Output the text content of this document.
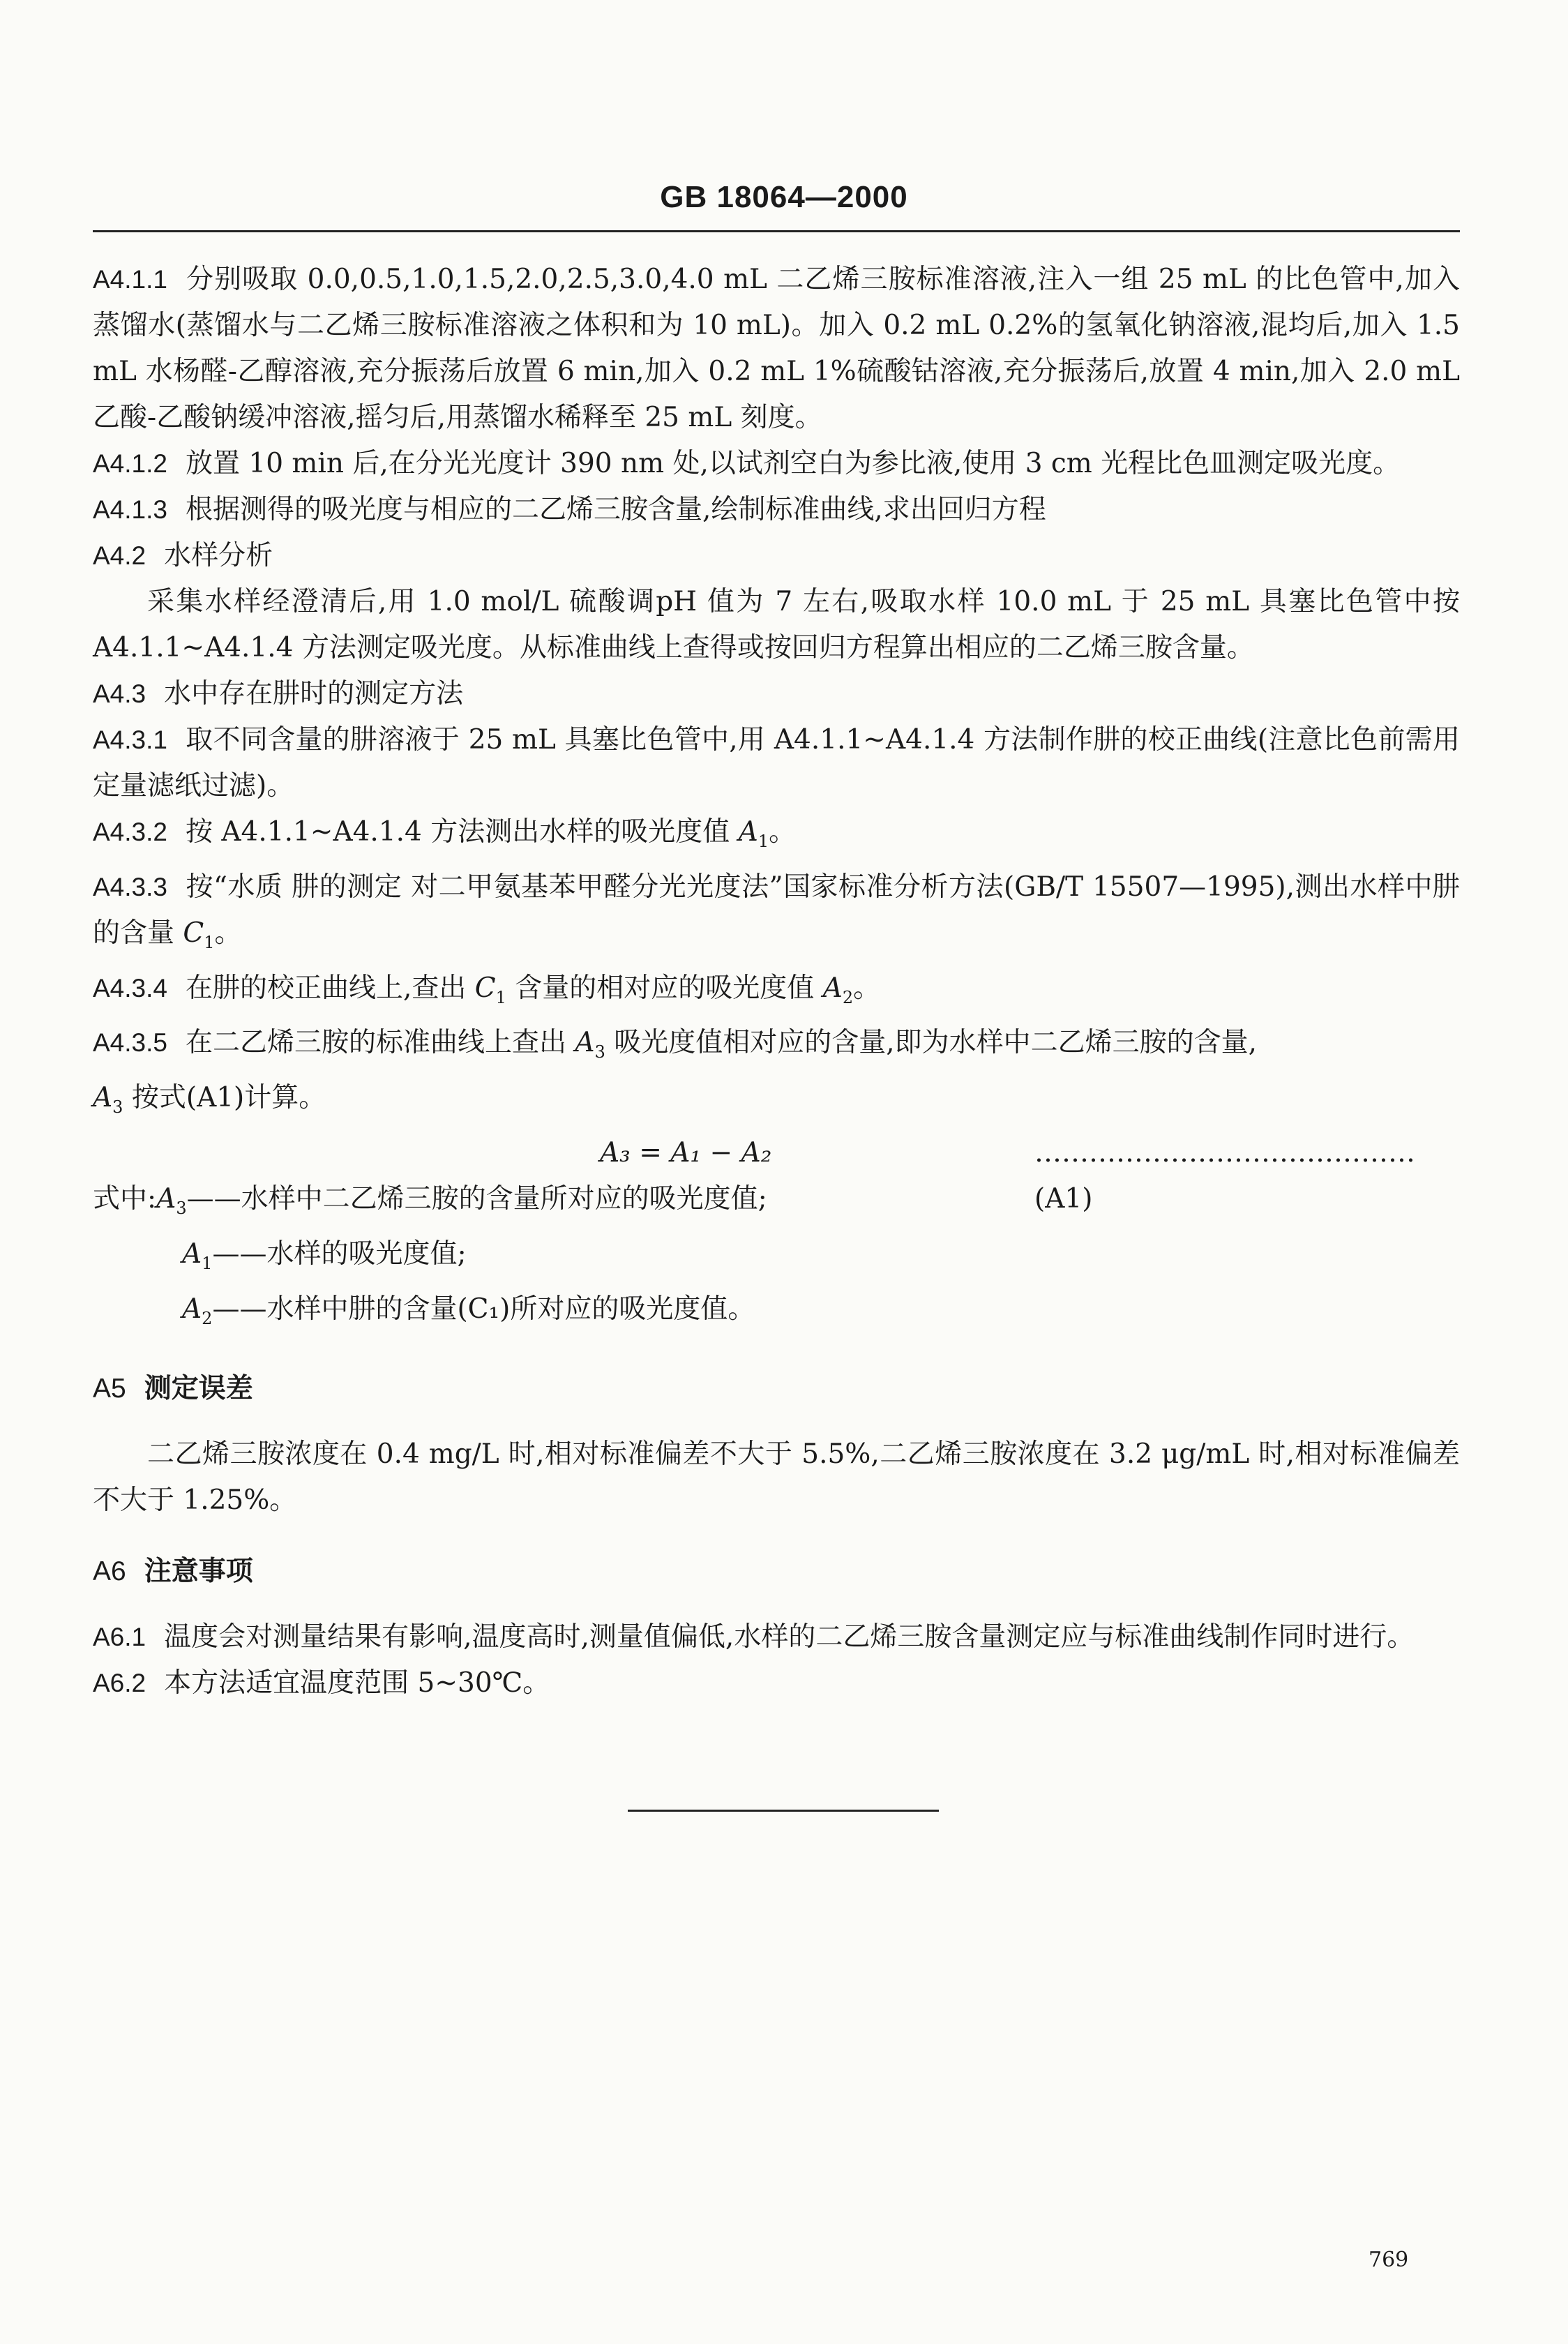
GB 18064—2000

A4.1.1 分别吸取 0.0,0.5,1.0,1.5,2.0,2.5,3.0,4.0 mL 二乙烯三胺标准溶液,注入一组 25 mL 的比色管中,加入蒸馏水(蒸馏水与二乙烯三胺标准溶液之体积和为 10 mL)。加入 0.2 mL 0.2%的氢氧化钠溶液,混均后,加入 1.5 mL 水杨醛-乙醇溶液,充分振荡后放置 6 min,加入 0.2 mL 1%硫酸钴溶液,充分振荡后,放置 4 min,加入 2.0 mL 乙酸-乙酸钠缓冲溶液,摇匀后,用蒸馏水稀释至 25 mL 刻度。

A4.1.2 放置 10 min 后,在分光光度计 390 nm 处,以试剂空白为参比液,使用 3 cm 光程比色皿测定吸光度。

A4.1.3 根据测得的吸光度与相应的二乙烯三胺含量,绘制标准曲线,求出回归方程

A4.2 水样分析

采集水样经澄清后,用 1.0 mol/L 硫酸调pH 值为 7 左右,吸取水样 10.0 mL 于 25 mL 具塞比色管中按 A4.1.1~A4.1.4 方法测定吸光度。从标准曲线上查得或按回归方程算出相应的二乙烯三胺含量。

A4.3 水中存在肼时的测定方法

A4.3.1 取不同含量的肼溶液于 25 mL 具塞比色管中,用 A4.1.1~A4.1.4 方法制作肼的校正曲线(注意比色前需用定量滤纸过滤)。

A4.3.2 按 A4.1.1~A4.1.4 方法测出水样的吸光度值 $A_1$。

A4.3.3 按“水质 肼的测定 对二甲氨基苯甲醛分光光度法”国家标准分析方法(GB/T 15507—1995),测出水样中肼的含量 $C_1$。

A4.3.4 在肼的校正曲线上,查出 $C_1$ 含量的相对应的吸光度值 $A_2$。

A4.3.5 在二乙烯三胺的标准曲线上查出 $A_3$ 吸光度值相对应的含量,即为水样中二乙烯三胺的含量,
$A_3$ 按式(A1)计算。

A₃ = A₁ − A₂	……………………………………(A1)

式中$:A_3——$水样中二乙烯三胺的含量所对应的吸光度值;

$A_1——$水样的吸光度值;

$A_2——$水样中肼的含量(C₁)所对应的吸光度值。

A5 测定误差

二乙烯三胺浓度在 0.4 mg/L 时,相对标准偏差不大于 5.5%,二乙烯三胺浓度在 3.2 μg/mL 时,相对标准偏差不大于 1.25%。

A6 注意事项

A6.1 温度会对测量结果有影响,温度高时,测量值偏低,水样的二乙烯三胺含量测定应与标准曲线制作同时进行。

A6.2 本方法适宜温度范围 5~30℃。

769
